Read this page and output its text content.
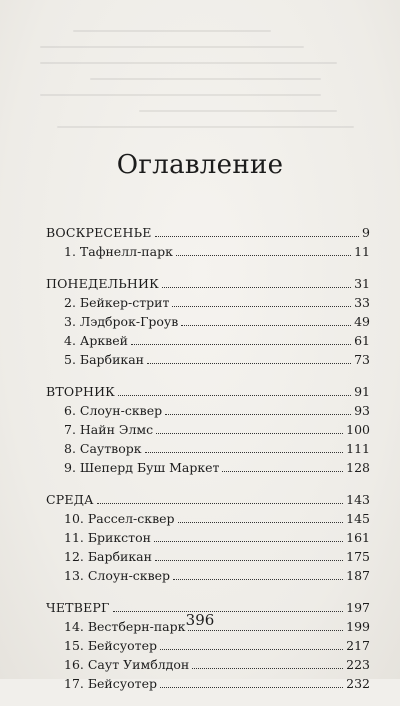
Оглавление
ВОСКРЕСЕНЬЕ	9
1. Тафнелл-парк	11
ПОНЕДЕЛЬНИК	31
2. Бейкер-стрит	33
3. Лэдброк-Гроув	49
4. Арквей	61
5. Барбикан	73
ВТОРНИК	91
6. Слоун-сквер	93
7. Найн Элмс	100
8. Саутворк	111
9. Шеперд Буш Маркет	128
СРЕДА	143
10. Рассел-сквер	145
11. Брикстон	161
12. Барбикан	175
13. Слоун-сквер	187
ЧЕТВЕРГ	197
14. Вестберн-парк	199
15. Бейсуотер	217
16. Саут Уимблдон	223
17. Бейсуотер	232
396
